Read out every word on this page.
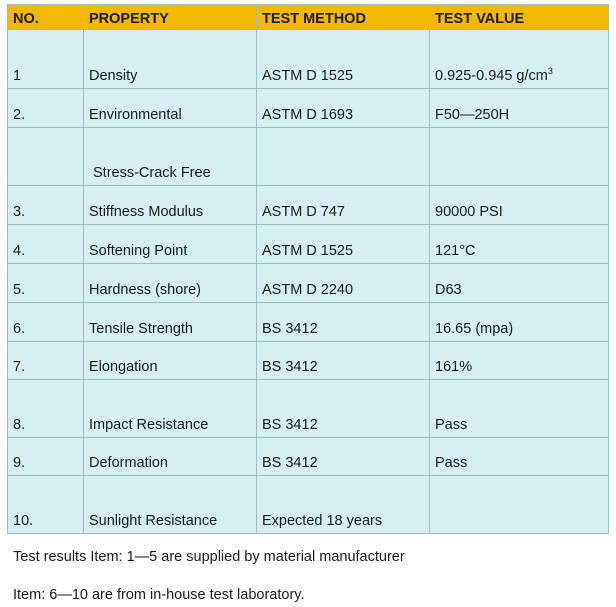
NO.	PROPERTY	TEST METHOD	TEST VALUE
1	Density	ASTM D 1525	0.925-0.945 $g/cm^3$
2.	Environmental	ASTM D 1693	F50—250H
	Stress-Crack Free		
3.	Stiffness Modulus	ASTM D 747	90000 PSI
4.	Softening Point	ASTM D 1525	121°C
5.	Hardness (shore)	ASTM D 2240	D63
6.	Tensile Strength	BS 3412	16.65 (mpa)
7.	Elongation	BS 3412	161%
8.	Impact Resistance	BS 3412	Pass
9.	Deformation	BS 3412	Pass
10.	Sunlight Resistance	Expected 18 years	
Test results Item: 1—5 are supplied by material manufacturer
Item: 6—10 are from in-house test laboratory.
